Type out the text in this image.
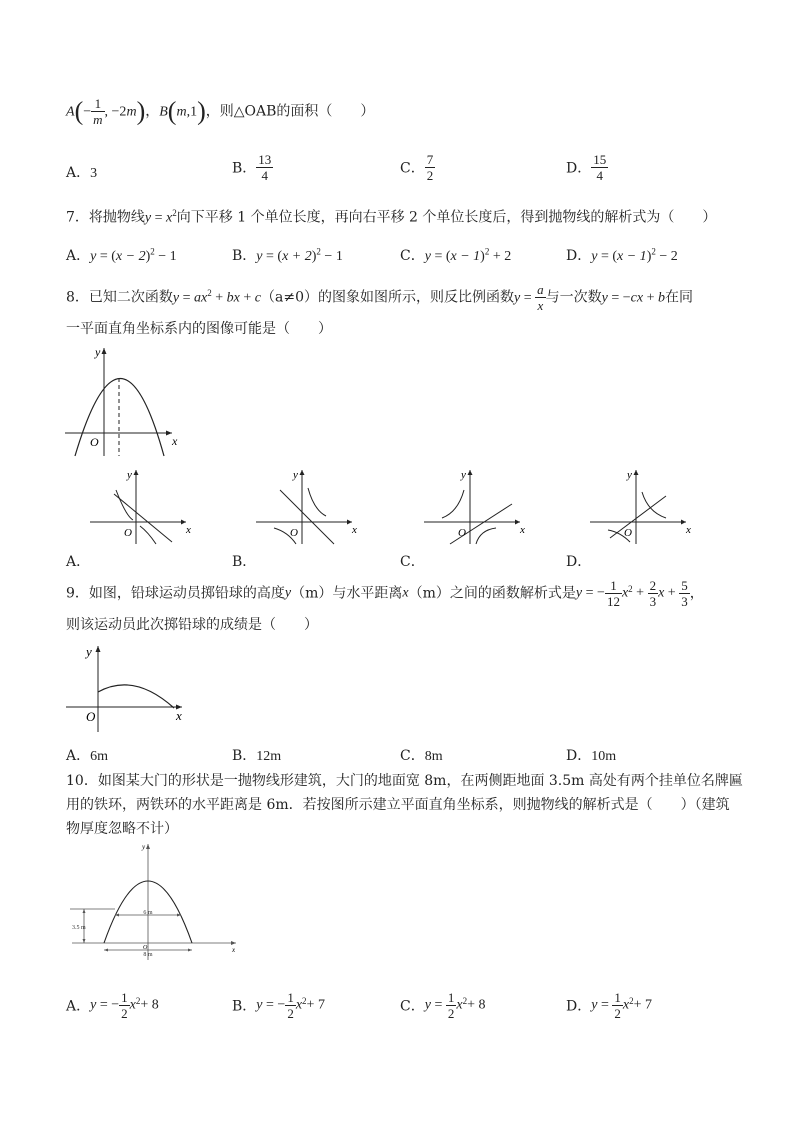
$A(- \frac{1}{m}$ , −2m)，B(m,1)，则△OAB的面积（　　）
A．3	B． $\frac{13}{4}$	C． $\frac{7}{2}$	D． $\frac{15}{4}$
7．将抛物线$y = x^2$向下平移 1 个单位长度，再向右平移 2 个单位长度后，得到抛物线的解析式为（　　）
A．$y = (x - 2)^2 - 1$	B．$y = (x + 2)^2 - 1$	C．$y = (x - 1)^2 + 2$	D．$y = (x - 1)^2 - 2$
8．已知二次函数$y = ax^2$ + bx + c（a≠0）的图象如图所示，则反比例函数$y = \frac{a}{x}$ 与一次数y = −cx + b在同
一平面直角坐标系内的图像可能是（　　）
x
y
O
x
y
O	x
y
O	x
y
O	x
y
O
A．	B．	C．	D．
9．如图，铅球运动员掷铅球的高度y（m）与水平距离x（m）之间的函数解析式是y = − $\frac{1}{12} x^2 + \frac{2}{3}$ $x + \frac{5}{3}$ ，
则该运动员此次掷铅球的成绩是（　　）
x
y
O
A．6m	B．12m	C．8m	D．10m
10．如图某大门的形状是一抛物线形建筑，大门的地面宽 8m，在两侧距地面 3.5m 高处有两个挂单位名牌匾
用的铁环，两铁环的水平距离是 6m．若按图所示建立平面直角坐标系，则抛物线的解析式是（　　）（建筑
物厚度忽略不计）
6 m
3.5 m
8 m
x
y
O
A．y = − $\frac{1}{2} x^2+ 8$	B．y = − $\frac{1}{2} x^2+ 7$	C．$y = \frac{1}{2} x^2+ 8$	D．$y = \frac{1}{2} x^2+ 7$
